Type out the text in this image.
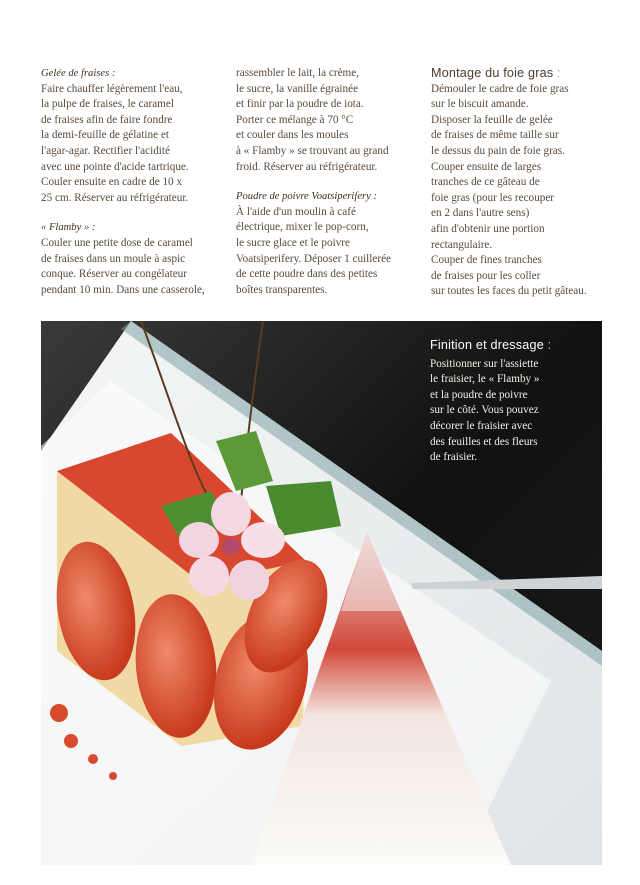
Gelée de fraises :

Faire chauffer légèrement l'eau,
la pulpe de fraises, le caramel
de fraises afin de faire fondre
la demi-feuille de gélatine et
l'agar-agar. Rectifier l'acidité
avec une pointe d'acide tartrique.
Couler ensuite en cadre de 10 x
25 cm. Réserver au réfrigérateur.

« Flamby » :

Couler une petite dose de caramel
de fraises dans un moule à aspic
conque. Réserver au congélateur
pendant 10 min. Dans une casserole,

rassembler le lait, la crème,
le sucre, la vanille égrainée
et finir par la poudre de iota.
Porter ce mélange à 70 °C
et couler dans les moules
à « Flamby » se trouvant au grand
froid. Réserver au réfrigérateur.

Poudre de poivre Voatsiperifery :

À l'aide d'un moulin à café
électrique, mixer le pop-corn,
le sucre glace et le poivre
Voatsiperifery. Déposer 1 cuillerée
de cette poudre dans des petites
boîtes transparentes.

Montage du foie gras :

Démouler le cadre de foie gras
sur le biscuit amande.
Disposer la feuille de gelée
de fraises de même taille sur
le dessus du pain de foie gras.
Couper ensuite de larges
tranches de ce gâteau de
foie gras (pour les recouper
en 2 dans l'autre sens)
afin d'obtenir une portion
rectangulaire.
Couper de fines tranches
de fraises pour les coller
sur toutes les faces du petit gâteau.

Finition et dressage :

Positionner sur l'assiette
le fraisier, le « Flamby »
et la poudre de poivre
sur le côté. Vous pouvez
décorer le fraisier avec
des feuilles et des fleurs
de fraisier.
